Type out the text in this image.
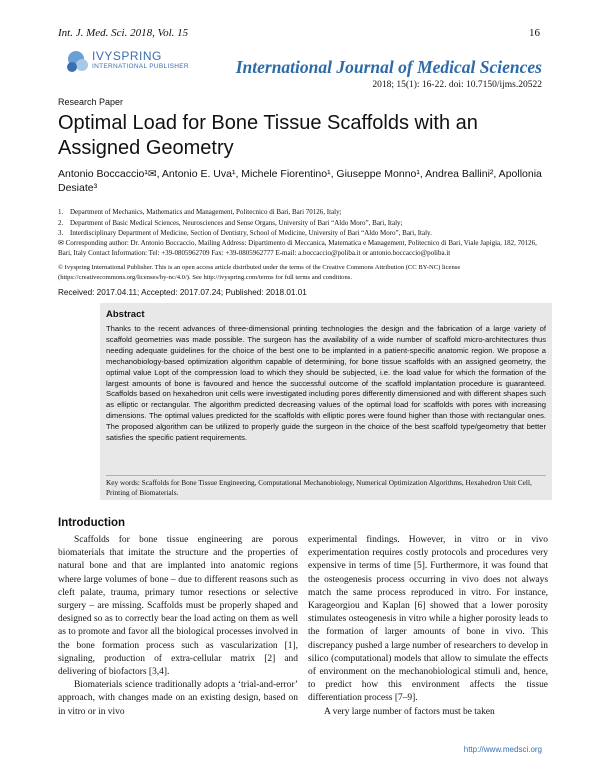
Int. J. Med. Sci. 2018, Vol. 15	16
IVYSPRING
INTERNATIONAL PUBLISHER	International Journal of Medical Sciences
2018; 15(1): 16-22. doi: 10.7150/ijms.20522
Research Paper
Optimal Load for Bone Tissue Scaffolds with an Assigned Geometry
Antonio Boccaccio¹✉, Antonio E. Uva¹, Michele Fiorentino¹, Giuseppe Monno¹, Andrea Ballini², Apollonia Desiate³
1. Department of Mechanics, Mathematics and Management, Politecnico di Bari, Bari 70126, Italy;
2. Department of Basic Medical Sciences, Neurosciences and Sense Organs, University of Bari “Aldo Moro”, Bari, Italy;
3. Interdisciplinary Department of Medicine, Section of Dentistry, School of Medicine, University of Bari “Aldo Moro”, Bari, Italy.
✉ Corresponding author: Dr. Antonio Boccaccio, Mailing Address: Dipartimento di Meccanica, Matematica e Management, Politecnico di Bari, Viale Japigia, 182, 70126, Bari, Italy Contact Information: Tel: +39-0805962709 Fax: +39-0805962777 E-mail: a.boccaccio@poliba.it or antonio.boccaccio@poliba.it
© Ivyspring International Publisher. This is an open access article distributed under the terms of the Creative Commons Attribution (CC BY-NC) license (https://creativecommons.org/licenses/by-nc/4.0/). See http://ivyspring.com/terms for full terms and conditions.
Received: 2017.04.11; Accepted: 2017.07.24; Published: 2018.01.01
Abstract
Thanks to the recent advances of three-dimensional printing technologies the design and the fabrication of a large variety of scaffold geometries was made possible. The surgeon has the availability of a wide number of scaffold micro-architectures thus needing adequate guidelines for the choice of the best one to be implanted in a patient-specific anatomic region. We propose a mechanobiology-based optimization algorithm capable of determining, for bone tissue scaffolds with an assigned geometry, the optimal value Lopt of the compression load to which they should be subjected, i.e. the load value for which the formation of the largest amounts of bone is favoured and hence the successful outcome of the scaffold implantation procedure is guaranteed. Scaffolds based on hexahedron unit cells were investigated including pores differently dimensioned and with different shapes such as elliptic or rectangular. The algorithm predicted decreasing values of the optimal load for scaffolds with pores with increasing dimensions. The optimal values predicted for the scaffolds with elliptic pores were found higher than those with rectangular ones. The proposed algorithm can be utilized to properly guide the surgeon in the choice of the best scaffold type/geometry that better satisfies the specific patient requirements.
Key words: Scaffolds for Bone Tissue Engineering, Computational Mechanobiology, Numerical Optimization Algorithms, Hexahedron Unit Cell, Printing of Biomaterials.
Introduction

Scaffolds for bone tissue engineering are porous biomaterials that imitate the structure and the properties of natural bone and that are implanted into anatomic regions where large volumes of bone – due to different reasons such as cleft palate, trauma, primary tumor resections or selective surgery – are missing. Scaffolds must be properly shaped and designed so as to correctly bear the load acting on them as well as to promote and favor all the biological processes involved in the bone formation process such as vascularization [1], signaling, production of extra-cellular matrix [2] and delivering of biofactors [3,4].

Biomaterials science traditionally adopts a ‘trial-and-error’ approach, with changes made on an existing design, based on in vitro or in vivo

experimental findings. However, in vitro or in vivo experimentation requires costly protocols and procedures very expensive in terms of time [5]. Furthermore, it was found that the osteogenesis process occurring in vivo does not always match the same process reproduced in vitro. For instance, Karageorgiou and Kaplan [6] showed that a lower porosity stimulates osteogenesis in vitro while a higher porosity leads to the formation of larger amounts of bone in vivo. This discrepancy pushed a large number of researchers to develop in silico (computational) models that allow to simulate the effects of environment on the mechanobiological stimuli and, hence, to predict how this environment affects the tissue differentiation process [7–9].

A very large number of factors must be taken

http://www.medsci.org
